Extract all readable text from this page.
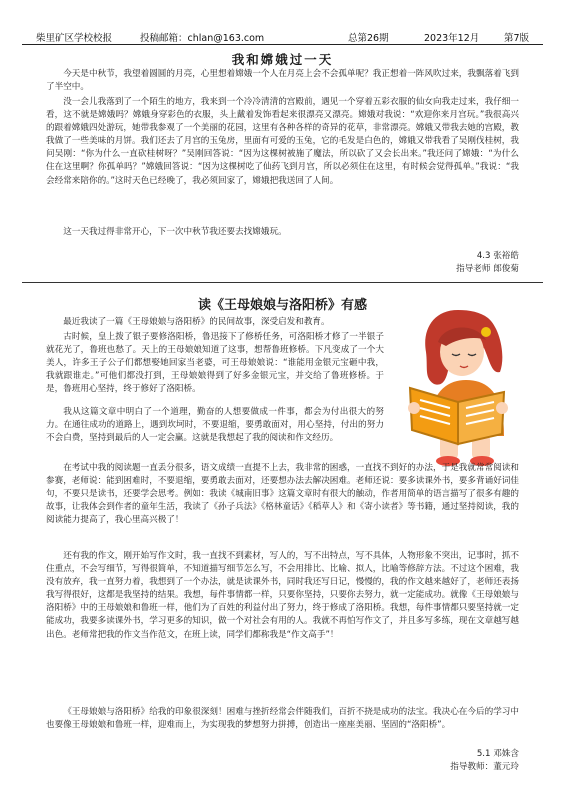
柴里矿区学校校报	投稿邮箱：chlan@163.com	总第26期	2023年12月	第7版
我和嫦娥过一天

今天是中秋节，我望着圆圆的月亮，心里想着嫦娥一个人在月亮上会不会孤单呢？我正想着一阵风吹过来，我飘落着飞到了半空中。

没一会儿我落到了一个陌生的地方，我来到一个冷冷清清的宫殿前，遇见一个穿着五彩衣服的仙女向我走过来，我仔细一看，这不就是嫦娥吗？嫦娥身穿彩色的衣服，头上戴着发饰看起来很漂亮又漂亮。嫦娥对我说：“欢迎你来月宫玩。”我很高兴的跟着嫦娥四处游玩，她带我参观了一个美丽的花园，这里有各种各样的奇异的花草，非常漂亮。嫦娥又带我去她的宫殿，教我做了一些美味的月饼。我们还去了月宫的玉兔房，里面有可爱的玉兔，它的毛发是白色的，嫦娥又带我看了吴刚伐桂树，我问吴刚：“你为什么一直砍桂树呀？”吴刚回答说：“因为这棵树被施了魔法，所以砍了又会长出来。”我还问了嫦娥：“为什么住在这里啊？你孤单吗？”嫦娥回答说：“因为这棵树吃了仙药飞到月宫，所以必须住在这里，有时候会觉得孤单。”我说：“我会经常来陪你的。”这时天色已经晚了，我必须回家了，嫦娥把我送回了人间。

这一天我过得非常开心，下一次中秋节我还要去找嫦娥玩。

4.3 张裕皓
指导老师 郎俊菊
读《王母娘娘与洛阳桥》有感

最近我读了一篇《王母娘娘与洛阳桥》的民间故事，深受启发和教育。

古时候，皇上拨了银子要修洛阳桥，鲁迅接下了修桥任务，可洛阳桥才修了一半银子就花光了，鲁班也愁了。天上的王母娘娘知道了这事，想帮鲁班修桥。下凡变成了一个大美人，许多王子公子们都想娶她回家当老婆，可王母娘娘说：“谁能用金银元宝砸中我，我就跟谁走。”可他们都没打到，王母娘娘得到了好多金银元宝，并交给了鲁班修桥。于是，鲁班用心坚持，终于修好了洛阳桥。

我从这篇文章中明白了一个道理，勤奋的人想要做成一件事，都会为付出很大的努力。在通往成功的道路上，遇到坎坷时，不要退缩，要勇敢面对，用心坚持，付出的努力不会白费，坚持到最后的人一定会赢。这就是我想起了我的阅读和作文经历。

在考试中我的阅读题一直丢分很多，语文成绩一直提不上去，我非常的困惑，一直找不到好的办法，于是我就常常阅读和参赛，老师说：能到困难时，不要退缩，要勇敢去面对，还要想办法去解决困难。老师还说：要多读课外书，要多背诵好词佳句，不要只是读书，还要学会思考。例如：我读《城南旧事》这篇文章时有很大的触动，作者用简单的语言描写了很多有趣的故事，让我体会到作者的童年生活，我读了《孙子兵法》《格林童话》《稻草人》和《寄小读者》等书籍，通过坚持阅读，我的阅读能力提高了，我心里高兴极了！

还有我的作文，刚开始写作文时，我一直找不到素材，写人的，写不出特点，写不具体，人物形象不突出，记事时，抓不住重点，不会写细节，写得很简单，不知道描写细节怎么写，不会用排比、比喻、拟人，比喻等修辞方法。不过这个困难，我没有放弃，我一直努力着，我想到了一个办法，就是读课外书，同时我还写日记，慢慢的，我的作文越来越好了，老师还表扬我写得很好，这都是我坚持的结果。我想，每件事情都一样，只要你坚持，只要你去努力，就一定能成功。就像《王母娘娘与洛阳桥》中的王母娘娘和鲁班一样，他们为了百姓的利益付出了努力，终于修成了洛阳桥。我想，每件事情都只要坚持就一定能成功，我要多读课外书，学习更多的知识，做一个对社会有用的人。我就不再怕写作文了，并且多写多练，现在文章越写越出色。老师常把我的作文当作范文，在班上读，同学们都称我是“作文高手”！

《王母娘娘与洛阳桥》给我的印象很深刻！困难与挫折经常会伴随我们，百折不挠是成功的法宝。我决心在今后的学习中也要像王母娘娘和鲁班一样，迎难而上，为实现我的梦想努力拼搏，创造出一座座美丽、坚固的“洛阳桥”。

5.1 邓姝含
指导教师：董元玲
